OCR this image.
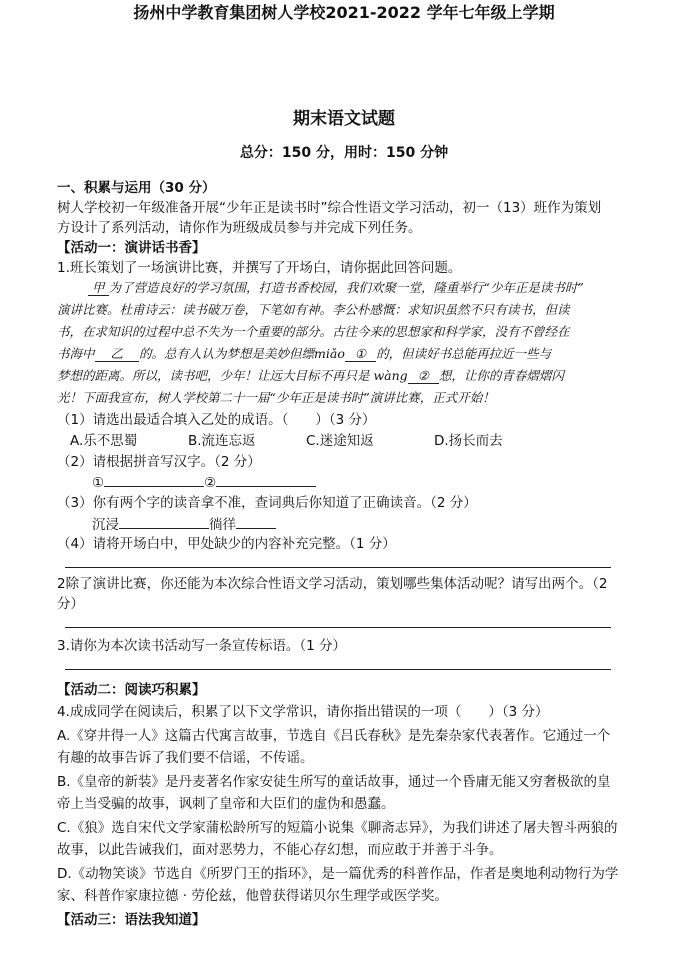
扬州中学教育集团树人学校2021-2022 学年七年级上学期
期末语文试题
总分：150 分，用时：150 分钟
一、积累与运用（30 分）
树人学校初一年级准备开展“少年正是读书时”综合性语文学习活动，初一（13）班作为策划
方设计了系列活动，请你作为班级成员参与并完成下列任务。
【活动一：演讲话书香】
1.班长策划了一场演讲比赛，并撰写了开场白，请你据此回答问题。
甲 为了营造良好的学习氛围，打造书香校园，我们欢聚一堂，隆重举行“少年正是读书时”
演讲比赛。杜甫诗云：读书破万卷，下笔如有神。李公朴感慨：求知识虽然不只有读书，但读
书，在求知识的过程中总不失为一个重要的部分。古往今来的思想家和科学家，没有不曾经在
书海中 乙 的。总有人认为梦想是美妙但缥miǎo ① 的，但读好书总能再拉近一些与
梦想的距离。所以，读书吧，少年！让远大目标不再只是 wàng ② 想，让你的青春熠熠闪
光！下面我宣布，树人学校第二十一届“少年正是读书时”演讲比赛，正式开始！
（1）请选出最适合填入乙处的成语。（　　）（3 分）
A.乐不思蜀	B.流连忘返	C.迷途知返	D.扬长而去
（2）请根据拼音写汉字。（2 分）
①	②
（3）你有两个字的读音拿不准，查词典后你知道了正确读音。（2 分）
沉浸	徜徉
（4）请将开场白中，甲处缺少的内容补充完整。（1 分）
2除了演讲比赛，你还能为本次综合性语文学习活动，策划哪些集体活动呢？请写出两个。（2
分）
3.请你为本次读书活动写一条宣传标语。（1 分）
【活动二：阅读巧积累】
4.成成同学在阅读后，积累了以下文学常识，请你指出错误的一项（　　）（3 分）
A.《穿井得一人》这篇古代寓言故事，节选自《吕氏春秋》是先秦杂家代表著作。它通过一个
有趣的故事告诉了我们要不信谣，不传谣。
B.《皇帝的新装》是丹麦著名作家安徒生所写的童话故事，通过一个昏庸无能又穷奢极欲的皇
帝上当受骗的故事，讽刺了皇帝和大臣们的虚伪和愚蠢。
C.《狼》选自宋代文学家蒲松龄所写的短篇小说集《聊斋志异》，为我们讲述了屠夫智斗两狼的
故事，以此告诫我们，面对恶势力，不能心存幻想，而应敢于并善于斗争。
D.《动物笑谈》节选自《所罗门王的指环》，是一篇优秀的科普作品，作者是奥地利动物行为学
家、科普作家康拉德 · 劳伦兹，他曾获得诺贝尔生理学或医学奖。
【活动三：语法我知道】
